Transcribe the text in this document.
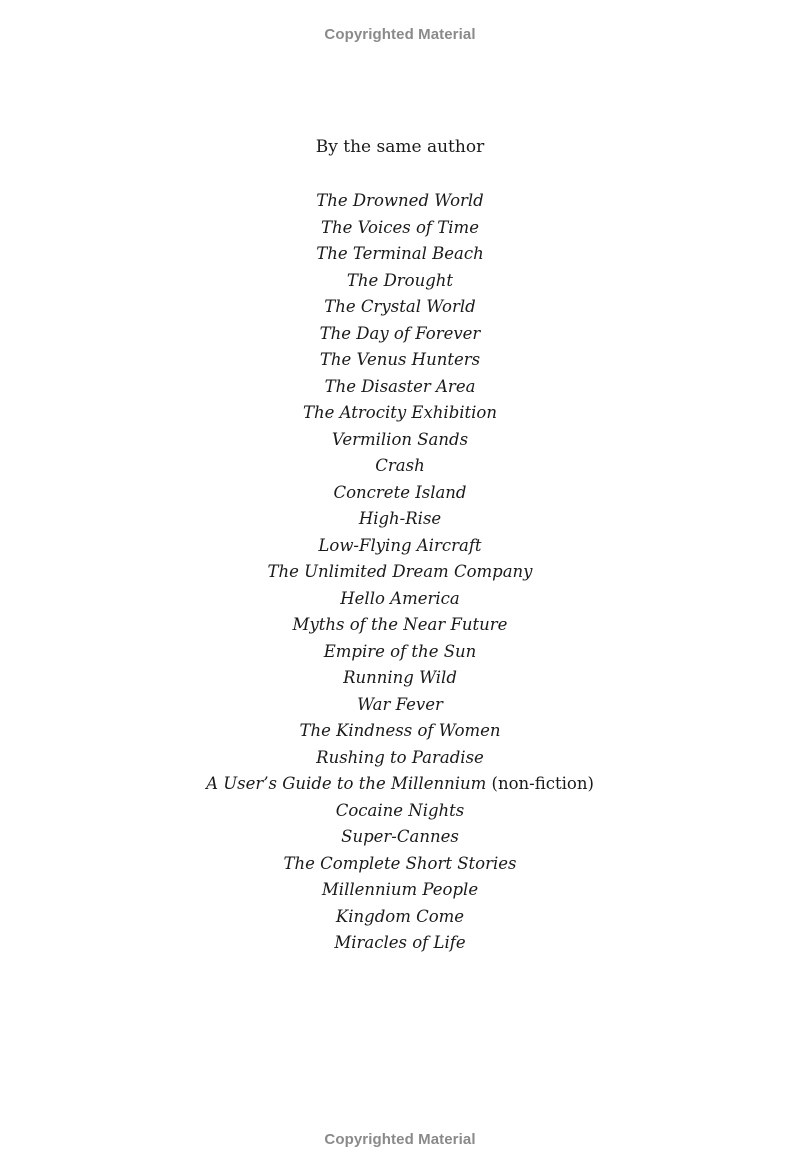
Copyrighted Material
By the same author
The Drowned World
The Voices of Time
The Terminal Beach
The Drought
The Crystal World
The Day of Forever
The Venus Hunters
The Disaster Area
The Atrocity Exhibition
Vermilion Sands
Crash
Concrete Island
High-Rise
Low-Flying Aircraft
The Unlimited Dream Company
Hello America
Myths of the Near Future
Empire of the Sun
Running Wild
War Fever
The Kindness of Women
Rushing to Paradise
A User’s Guide to the Millennium (non-fiction)
Cocaine Nights
Super-Cannes
The Complete Short Stories
Millennium People
Kingdom Come
Miracles of Life
Copyrighted Material
